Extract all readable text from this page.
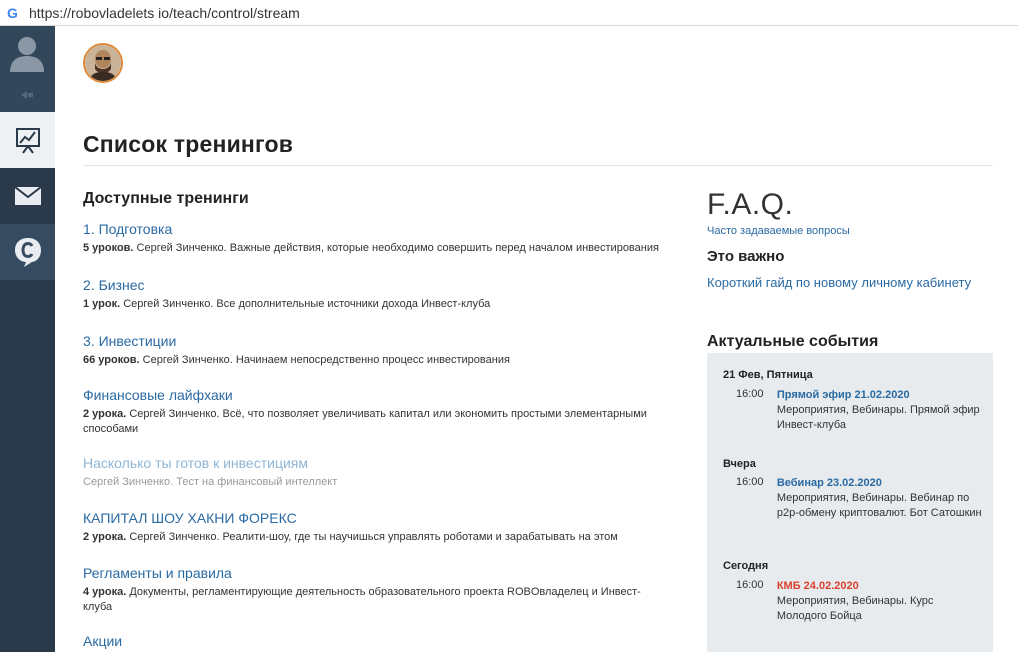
G https://robovladelets io/teach/control/stream
Список тренингов
Доступные тренинги
1. Подготовка
5 уроков. Сергей Зинченко. Важные действия, которые необходимо совершить перед началом инвестирования
2. Бизнес
1 урок. Сергей Зинченко. Все дополнительные источники дохода Инвест-клуба
3. Инвестиции
66 уроков. Сергей Зинченко. Начинаем непосредственно процесс инвестирования
Финансовые лайфхаки
2 урока. Сергей Зинченко. Всё, что позволяет увеличивать капитал или экономить простыми элементарными способами
Насколько ты готов к инвестициям
Сергей Зинченко. Тест на финансовый интеллект
КАПИТАЛ ШОУ ХАКНИ ФОРЕКС
2 урока. Сергей Зинченко. Реалити-шоу, где ты научишься управлять роботами и зарабатывать на этом
Регламенты и правила
4 урока. Документы, регламентирующие деятельность образовательного проекта ROBOвладелец и Инвест-клуба
Акции
F.A.Q.
Часто задаваемые вопросы
Это важно
Короткий гайд по новому личному кабинету
Актуальные события
21 Фев, Пятница
16:00	Прямой эфир 21.02.2020
Мероприятия, Вебинары. Прямой эфир Инвест-клуба
Вчера
16:00	Вебинар 23.02.2020
Мероприятия, Вебинары. Вебинар по p2p-обмену криптовалют. Бот Сатошкин
Сегодня
16:00	КМБ 24.02.2020
Мероприятия, Вебинары. Курс Молодого Бойца
